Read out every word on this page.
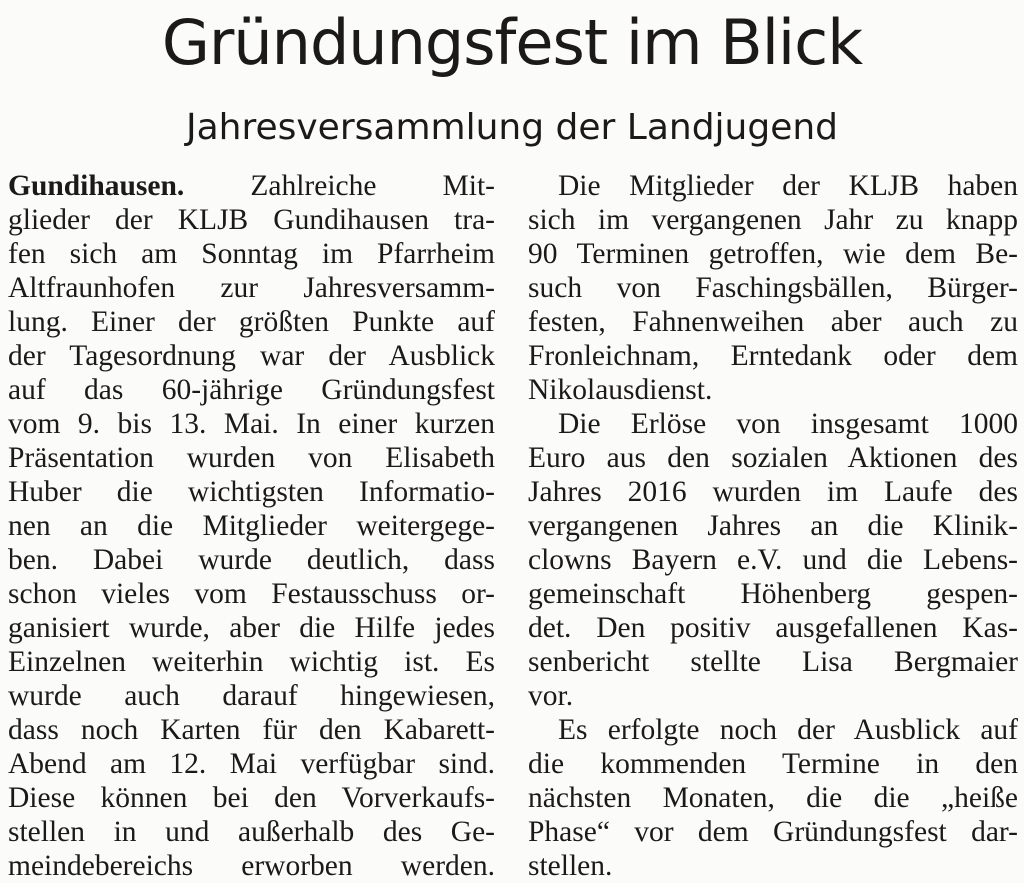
Gründungsfest im Blick
Jahresversammlung der Landjugend
Gundihausen. Zahlreiche Mit-
glieder der KLJB Gundihausen tra-
fen sich am Sonntag im Pfarrheim
Altfraunhofen zur Jahresversamm-
lung. Einer der größten Punkte auf
der Tagesordnung war der Ausblick
auf das 60-jährige Gründungsfest
vom 9. bis 13. Mai. In einer kurzen
Präsentation wurden von Elisabeth
Huber die wichtigsten Informatio-
nen an die Mitglieder weitergege-
ben. Dabei wurde deutlich, dass
schon vieles vom Festausschuss or-
ganisiert wurde, aber die Hilfe jedes
Einzelnen weiterhin wichtig ist. Es
wurde auch darauf hingewiesen,
dass noch Karten für den Kabarett-
Abend am 12. Mai verfügbar sind.
Diese können bei den Vorverkaufs-
stellen in und außerhalb des Ge-
meindebereichs erworben werden.
Die Mitglieder der KLJB haben
sich im vergangenen Jahr zu knapp
90 Terminen getroffen, wie dem Be-
such von Faschingsbällen, Bürger-
festen, Fahnenweihen aber auch zu
Fronleichnam, Erntedank oder dem
Nikolausdienst.
Die Erlöse von insgesamt 1000
Euro aus den sozialen Aktionen des
Jahres 2016 wurden im Laufe des
vergangenen Jahres an die Klinik-
clowns Bayern e.V. und die Lebens-
gemeinschaft Höhenberg gespen-
det. Den positiv ausgefallenen Kas-
senbericht stellte Lisa Bergmaier
vor.
Es erfolgte noch der Ausblick auf
die kommenden Termine in den
nächsten Monaten, die die „heiße
Phase“ vor dem Gründungsfest dar-
stellen.
